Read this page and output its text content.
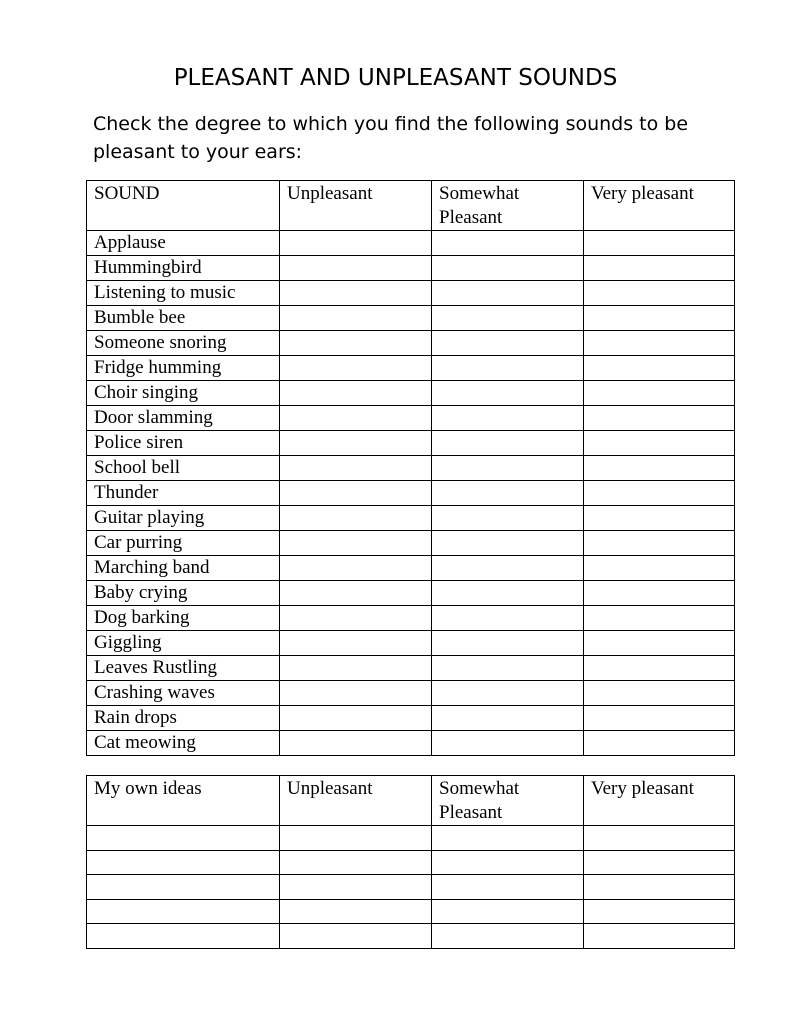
PLEASANT AND UNPLEASANT SOUNDS

Check the degree to which you find the following sounds to be pleasant to your ears:

SOUND	Unpleasant	Somewhat Pleasant	Very pleasant
Applause			
Hummingbird			
Listening to music			
Bumble bee			
Someone snoring			
Fridge humming			
Choir singing			
Door slamming			
Police siren			
School bell			
Thunder			
Guitar playing			
Car purring			
Marching band			
Baby crying			
Dog barking			
Giggling			
Leaves Rustling			
Crashing waves			
Rain drops			
Cat meowing			
My own ideas	Unpleasant	Somewhat Pleasant	Very pleasant
